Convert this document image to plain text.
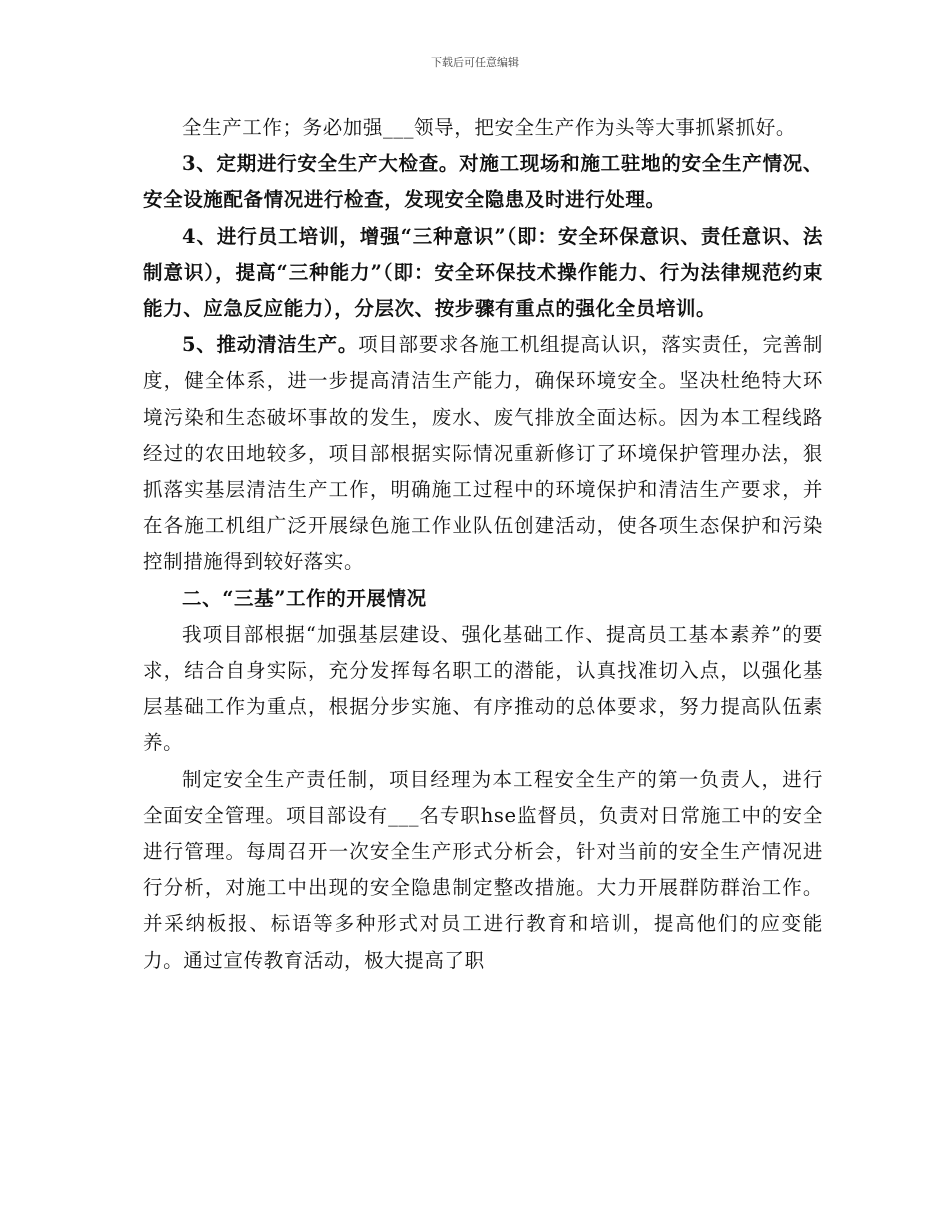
下载后可任意编辑

全生产工作；务必加强___领导，把安全生产作为头等大事抓紧抓好。

3、定期进行安全生产大检查。对施工现场和施工驻地的安全生产情况、安全设施配备情况进行检查，发现安全隐患及时进行处理。

4、进行员工培训，增强“三种意识”（即：安全环保意识、责任意识、法制意识），提高“三种能力”（即：安全环保技术操作能力、行为法律规范约束能力、应急反应能力），分层次、按步骤有重点的强化全员培训。

5、推动清洁生产。项目部要求各施工机组提高认识，落实责任，完善制度，健全体系，进一步提高清洁生产能力，确保环境安全。坚决杜绝特大环境污染和生态破坏事故的发生，废水、废气排放全面达标。因为本工程线路经过的农田地较多，项目部根据实际情况重新修订了环境保护管理办法，狠抓落实基层清洁生产工作，明确施工过程中的环境保护和清洁生产要求，并在各施工机组广泛开展绿色施工作业队伍创建活动，使各项生态保护和污染控制措施得到较好落实。

二、“三基”工作的开展情况

我项目部根据“加强基层建设、强化基础工作、提高员工基本素养”的要求，结合自身实际，充分发挥每名职工的潜能，认真找准切入点，以强化基层基础工作为重点，根据分步实施、有序推动的总体要求，努力提高队伍素养。

制定安全生产责任制，项目经理为本工程安全生产的第一负责人，进行全面安全管理。项目部设有___名专职hse监督员，负责对日常施工中的安全进行管理。每周召开一次安全生产形式分析会，针对当前的安全生产情况进行分析，对施工中出现的安全隐患制定整改措施。大力开展群防群治工作。并采纳板报、标语等多种形式对员工进行教育和培训，提高他们的应变能力。通过宣传教育活动，极大提高了职
